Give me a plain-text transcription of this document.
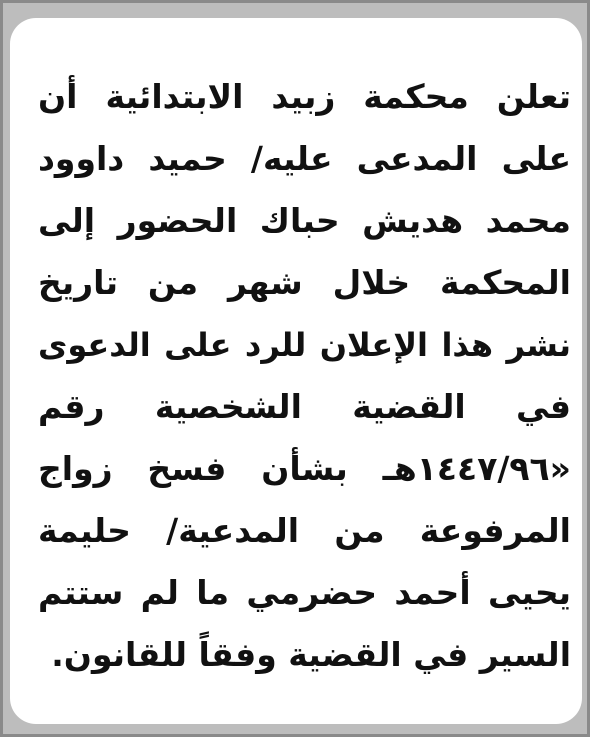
تعلن محكمة زبيد الابتدائية أن
على المدعى عليه/ حميد داوود
محمد هديش حباك الحضور إلى
المحكمة خلال شهر من تاريخ
نشر هذا الإعلان للرد على الدعوى
في القضية الشخصية رقم
«١٤٤٧/٩٦هـ بشأن فسخ زواج
المرفوعة من المدعية/ حليمة
يحيى أحمد حضرمي ما لم ستتم
السير في القضية وفقاً للقانون.
